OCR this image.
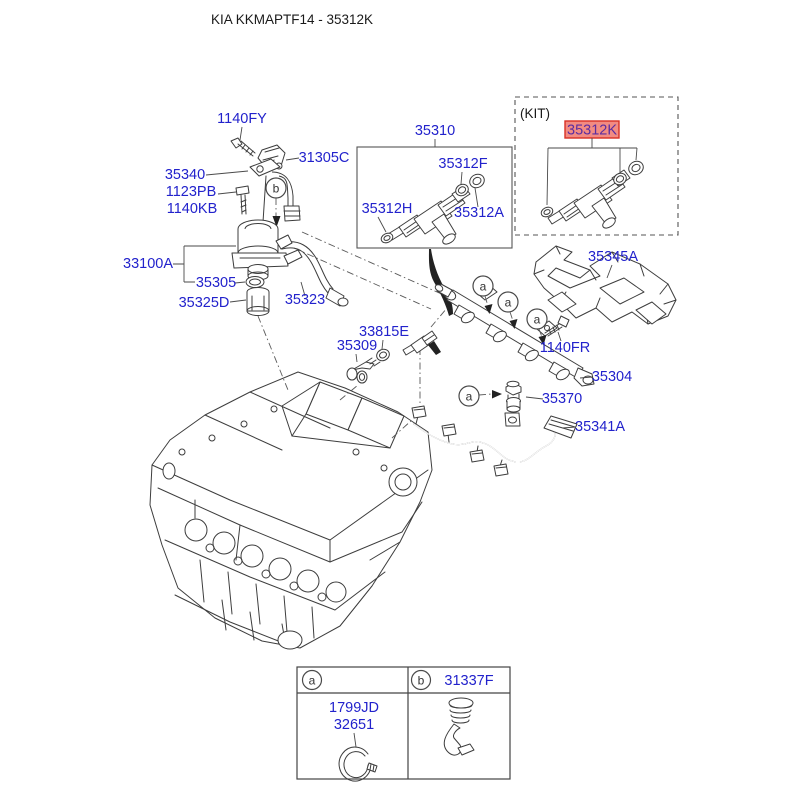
b
(KIT)
35312K
a
a
a
a
KIA KKMAPTF14 - 35312K
1140FY
31305C
35340
1123PB
1140KB
33100A
35305
35325D	35323
35310
35312F
35312H	35312A
35345A
33815E
35309	1140FR
35304
35370
35341A
a	b 31337F
1799JD
32651
